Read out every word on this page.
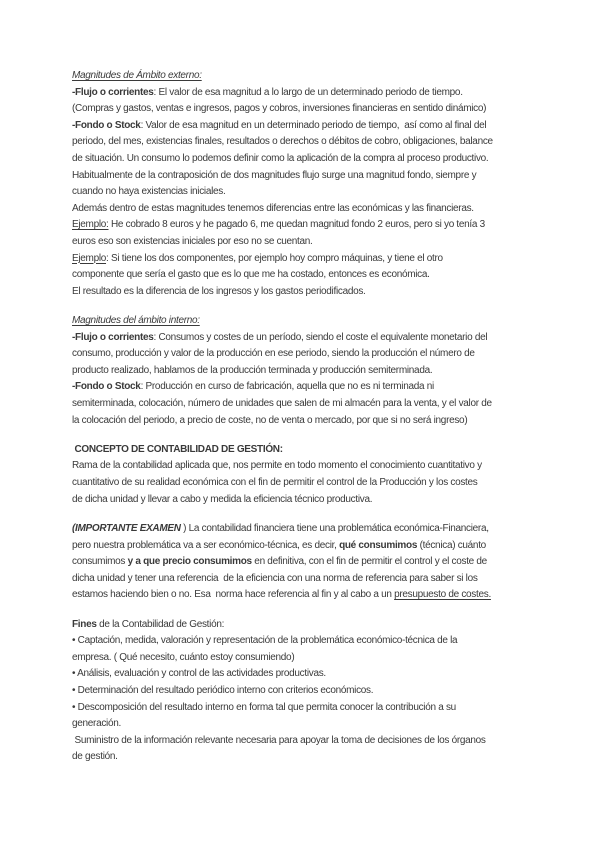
Magnitudes de Ámbito externo:
-Flujo o corrientes: El valor de esa magnitud a lo largo de un determinado periodo de tiempo.
(Compras y gastos, ventas e ingresos, pagos y cobros, inversiones financieras en sentido dinámico)
-Fondo o Stock: Valor de esa magnitud en un determinado periodo de tiempo,  así como al final del
periodo, del mes, existencias finales, resultados o derechos o débitos de cobro, obligaciones, balance
de situación. Un consumo lo podemos definir como la aplicación de la compra al proceso productivo.
Habitualmente de la contraposición de dos magnitudes flujo surge una magnitud fondo, siempre y
cuando no haya existencias iniciales.
Además dentro de estas magnitudes tenemos diferencias entre las económicas y las financieras.
Ejemplo: He cobrado 8 euros y he pagado 6, me quedan magnitud fondo 2 euros, pero si yo tenía 3
euros eso son existencias iniciales por eso no se cuentan.
Ejemplo: Si tiene los dos componentes, por ejemplo hoy compro máquinas, y tiene el otro
componente que sería el gasto que es lo que me ha costado, entonces es económica.
El resultado es la diferencia de los ingresos y los gastos periodificados.
Magnitudes del ámbito interno:
-Flujo o corrientes: Consumos y costes de un período, siendo el coste el equivalente monetario del
consumo, producción y valor de la producción en ese periodo, siendo la producción el número de
producto realizado, hablamos de la producción terminada y producción semiterminada.
-Fondo o Stock: Producción en curso de fabricación, aquella que no es ni terminada ni
semiterminada, colocación, número de unidades que salen de mi almacén para la venta, y el valor de
la colocación del periodo, a precio de coste, no de venta o mercado, por que si no será ingreso)
CONCEPTO DE CONTABILIDAD DE GESTIÓN:
Rama de la contabilidad aplicada que, nos permite en todo momento el conocimiento cuantitativo y
cuantitativo de su realidad económica con el fin de permitir el control de la Producción y los costes
de dicha unidad y llevar a cabo y medida la eficiencia técnico productiva.
(IMPORTANTE EXAMEN ) La contabilidad financiera tiene una problemática económica-Financiera,
pero nuestra problemática va a ser económico-técnica, es decir, qué consumimos (técnica) cuánto
consumimos y a que precio consumimos en definitiva, con el fin de permitir el control y el coste de
dicha unidad y tener una referencia  de la eficiencia con una norma de referencia para saber si los
estamos haciendo bien o no. Esa  norma hace referencia al fin y al cabo a un presupuesto de costes.
Fines de la Contabilidad de Gestión:
• Captación, medida, valoración y representación de la problemática económico-técnica de la
empresa. ( Qué necesito, cuánto estoy consumiendo)
• Análisis, evaluación y control de las actividades productivas.
• Determinación del resultado periódico interno con criterios económicos.
• Descomposición del resultado interno en forma tal que permita conocer la contribución a su
generación.
Suministro de la información relevante necesaria para apoyar la toma de decisiones de los órganos
de gestión.
